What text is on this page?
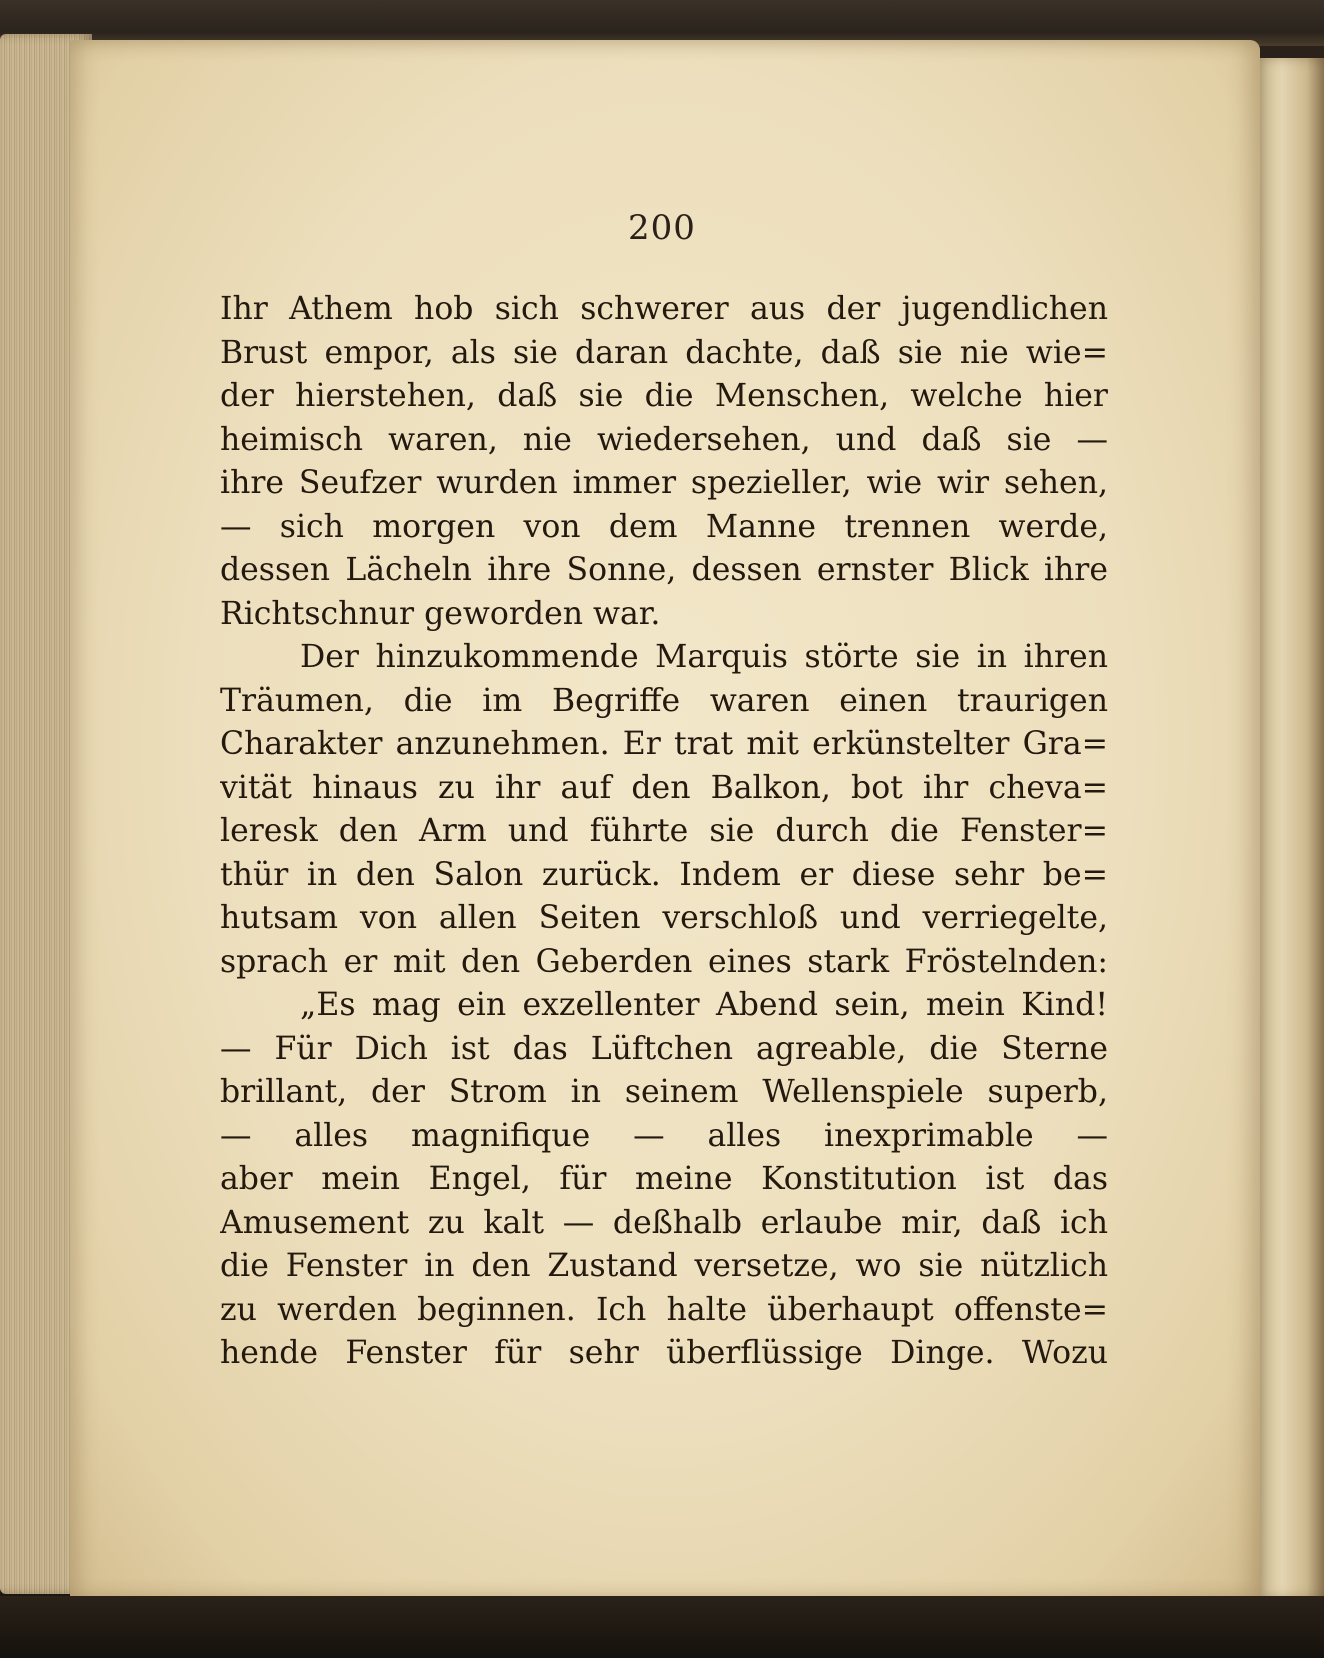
200
Ihr Athem hob sich schwerer aus der jugendlichen
Brust empor, als sie daran dachte, daß sie nie wie=
der hierstehen, daß sie die Menschen, welche hier
heimisch waren, nie wiedersehen, und daß sie —
ihre Seufzer wurden immer spezieller, wie wir sehen,
— sich morgen von dem Manne trennen werde,
dessen Lächeln ihre Sonne, dessen ernster Blick ihre
Richtschnur geworden war.
Der hinzukommende Marquis störte sie in ihren
Träumen, die im Begriffe waren einen traurigen
Charakter anzunehmen. Er trat mit erkünstelter Gra=
vität hinaus zu ihr auf den Balkon, bot ihr cheva=
leresk den Arm und führte sie durch die Fenster=
thür in den Salon zurück. Indem er diese sehr be=
hutsam von allen Seiten verschloß und verriegelte,
sprach er mit den Geberden eines stark Fröstelnden:
„Es mag ein exzellenter Abend sein, mein Kind!
— Für Dich ist das Lüftchen agreable, die Sterne
brillant, der Strom in seinem Wellenspiele superb,
— alles magnifique — alles inexprimable —
aber mein Engel, für meine Konstitution ist das
Amusement zu kalt — deßhalb erlaube mir, daß ich
die Fenster in den Zustand versetze, wo sie nützlich
zu werden beginnen. Ich halte überhaupt offenste=
hende Fenster für sehr überflüssige Dinge. Wozu
